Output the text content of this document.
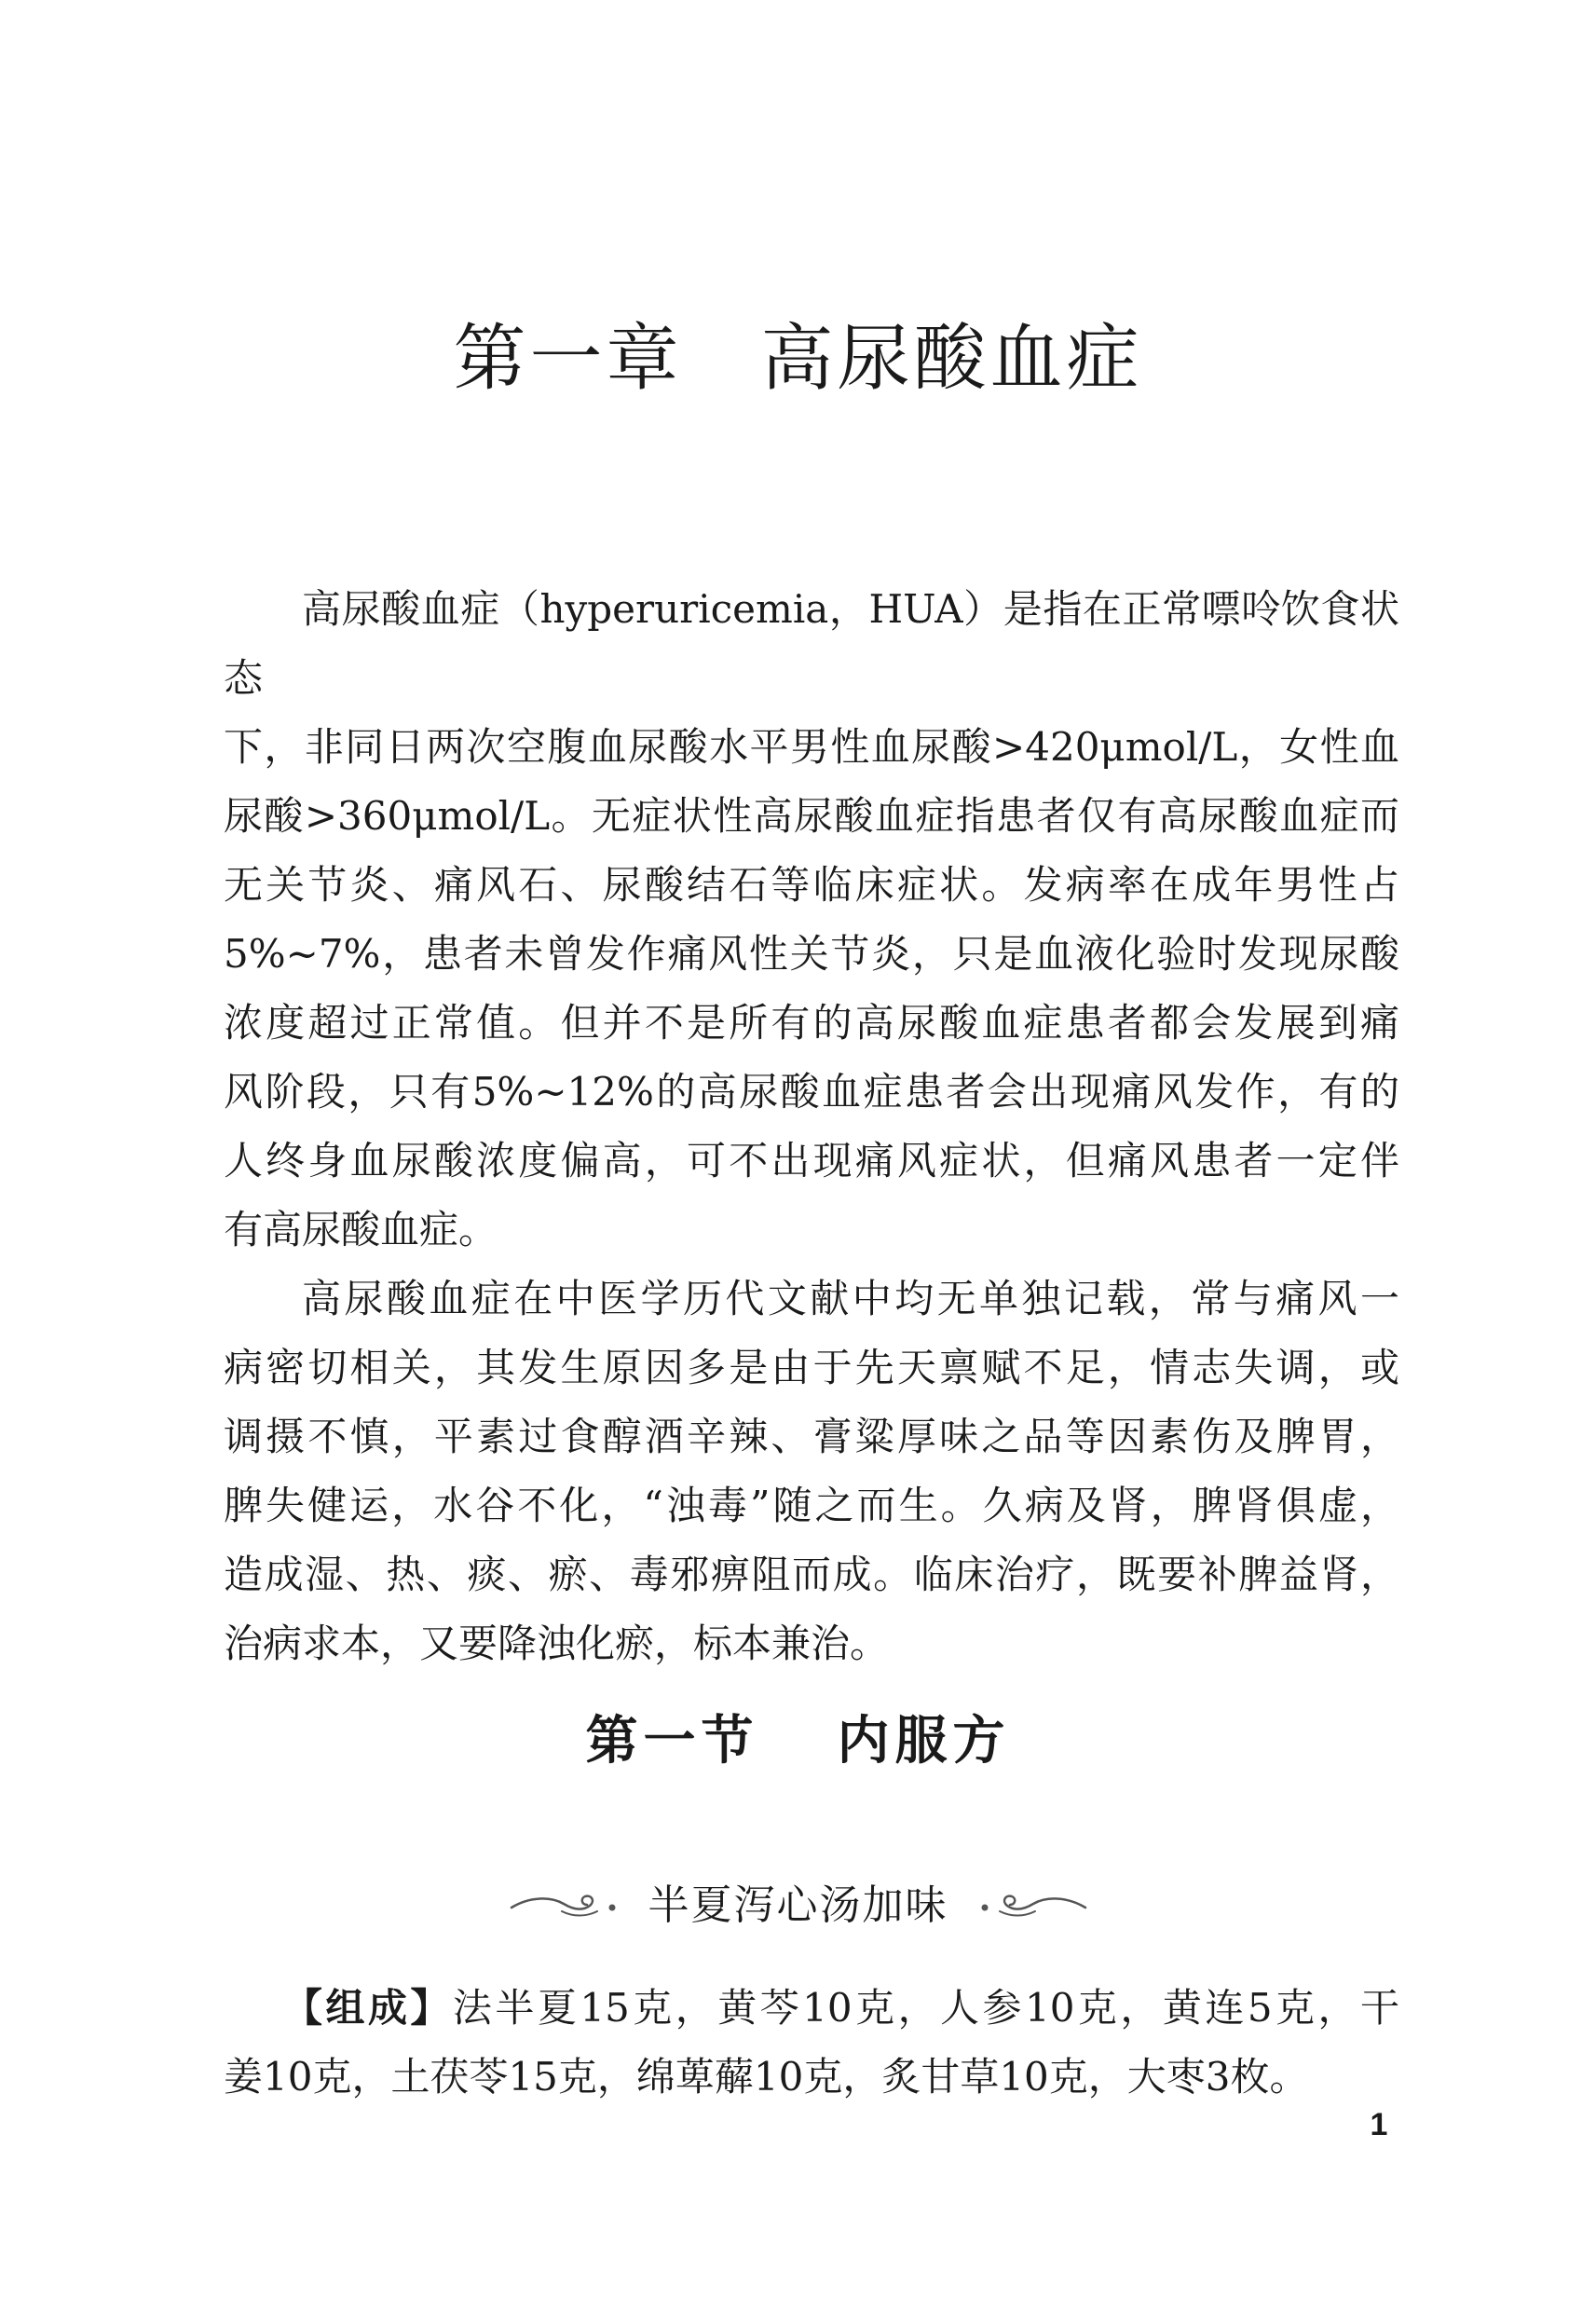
第一章 高尿酸血症

高尿酸血症（hyperuricemia，HUA）是指在正常嘌呤饮食状态
下，非同日两次空腹血尿酸水平男性血尿酸>420μmol/L，女性血
尿酸>360μmol/L。无症状性高尿酸血症指患者仅有高尿酸血症而
无关节炎、痛风石、尿酸结石等临床症状。发病率在成年男性占
5%~7%，患者未曾发作痛风性关节炎，只是血液化验时发现尿酸
浓度超过正常值。但并不是所有的高尿酸血症患者都会发展到痛
风阶段，只有5%~12%的高尿酸血症患者会出现痛风发作，有的
人终身血尿酸浓度偏高，可不出现痛风症状，但痛风患者一定伴
有高尿酸血症。

高尿酸血症在中医学历代文献中均无单独记载，常与痛风一
病密切相关，其发生原因多是由于先天禀赋不足，情志失调，或
调摄不慎，平素过食醇酒辛辣、膏粱厚味之品等因素伤及脾胃，
脾失健运，水谷不化，“浊毒”随之而生。久病及肾，脾肾俱虚，
造成湿、热、痰、瘀、毒邪痹阻而成。临床治疗，既要补脾益肾，
治病求本，又要降浊化瘀，标本兼治。

第一节 内服方
半夏泻心汤加味
【组成】法半夏15克，黄芩10克，人参10克，黄连5克，干
姜10克，土茯苓15克，绵萆薢10克，炙甘草10克，大枣3枚。
1
